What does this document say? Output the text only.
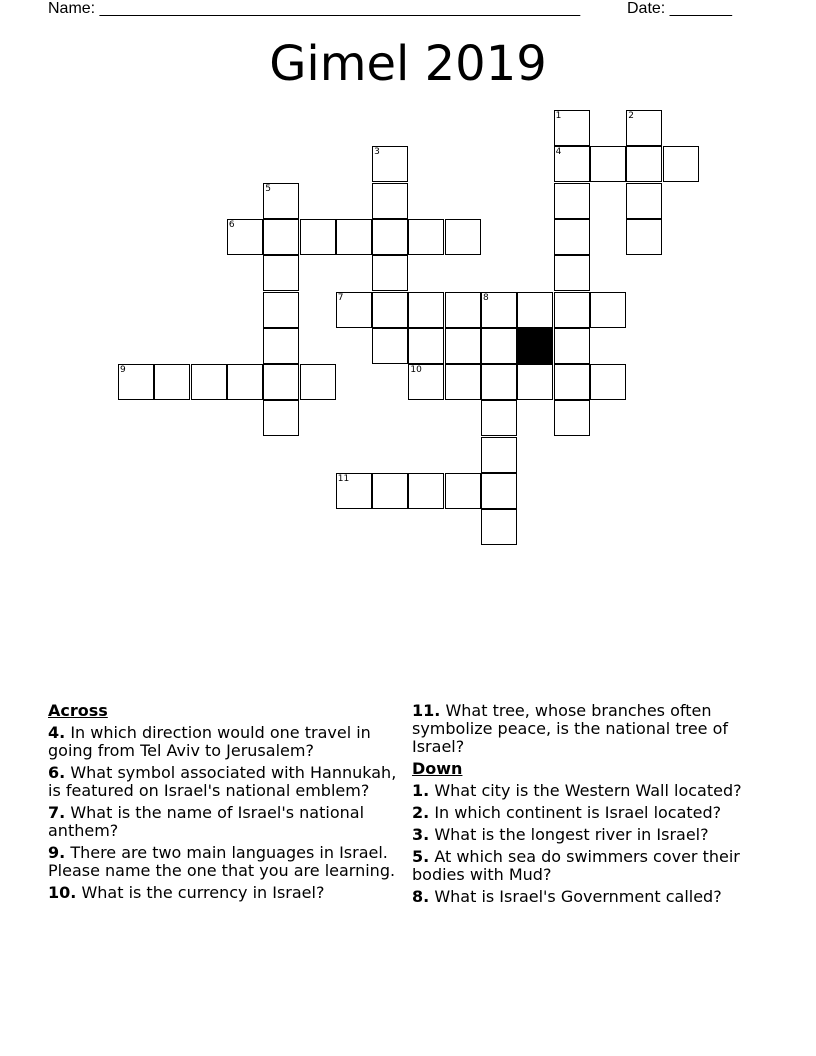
Name: ______________________________________________________	Date: _______
Gimel 2019
1	2
3	4
5
6
7	8
9	10
11
Across
4. In which direction would one travel in going from Tel Aviv to Jerusalem?
6. What symbol associated with Hannukah, is featured on Israel's national emblem?
7. What is the name of Israel's national anthem?
9. There are two main languages in Israel. Please name the one that you are learning.
10. What is the currency in Israel?
11. What tree, whose branches often symbolize peace, is the national tree of Israel?
Down
1. What city is the Western Wall located?
2. In which continent is Israel located?
3. What is the longest river in Israel?
5. At which sea do swimmers cover their bodies with Mud?
8. What is Israel's Government called?
